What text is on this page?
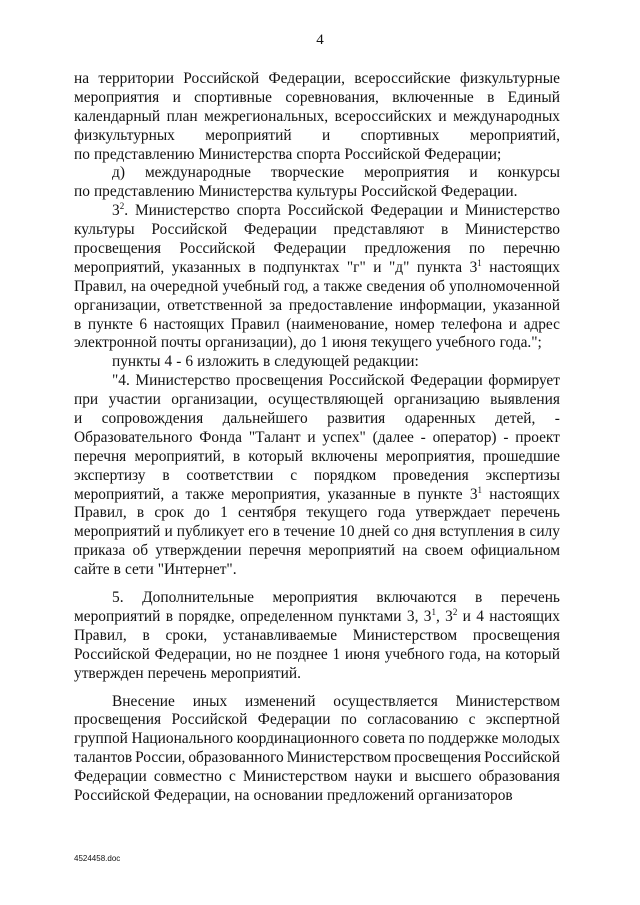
4
на территории Российской Федерации, всероссийские физкультурные
мероприятия и спортивные соревнования, включенные в Единый
календарный план межрегиональных, всероссийских и международных
физкультурных мероприятий и спортивных мероприятий,
по представлению Министерства спорта Российской Федерации;
д) международные творческие мероприятия и конкурсы
по представлению Министерства культуры Российской Федерации.
$3^2$. Министерство спорта Российской Федерации и Министерство
культуры Российской Федерации представляют в Министерство
просвещения Российской Федерации предложения по перечню
мероприятий, указанных в подпунктах "г" и "д" пункта $3^1$ настоящих
Правил, на очередной учебный год, а также сведения об уполномоченной
организации, ответственной за предоставление информации, указанной
в пункте 6 настоящих Правил (наименование, номер телефона и адрес
электронной почты организации), до 1 июня текущего учебного года.";
пункты 4 - 6 изложить в следующей редакции:
"4. Министерство просвещения Российской Федерации формирует
при участии организации, осуществляющей организацию выявления
и сопровождения дальнейшего развития одаренных детей, -
Образовательного Фонда "Талант и успех" (далее - оператор) - проект
перечня мероприятий, в который включены мероприятия, прошедшие
экспертизу в соответствии с порядком проведения экспертизы
мероприятий, а также мероприятия, указанные в пункте $3^1$ настоящих
Правил, в срок до 1 сентября текущего года утверждает перечень
мероприятий и публикует его в течение 10 дней со дня вступления в силу
приказа об утверждении перечня мероприятий на своем официальном
сайте в сети "Интернет".
5. Дополнительные мероприятия включаются в перечень
мероприятий в порядке, определенном пунктами 3, $3^1$, $3^2$ и 4 настоящих
Правил, в сроки, устанавливаемые Министерством просвещения
Российской Федерации, но не позднее 1 июня учебного года, на который
утвержден перечень мероприятий.
Внесение иных изменений осуществляется Министерством
просвещения Российской Федерации по согласованию с экспертной
группой Национального координационного совета по поддержке молодых
талантов России, образованного Министерством просвещения Российской
Федерации совместно с Министерством науки и высшего образования
Российской Федерации, на основании предложений организаторов
4524458.doc
